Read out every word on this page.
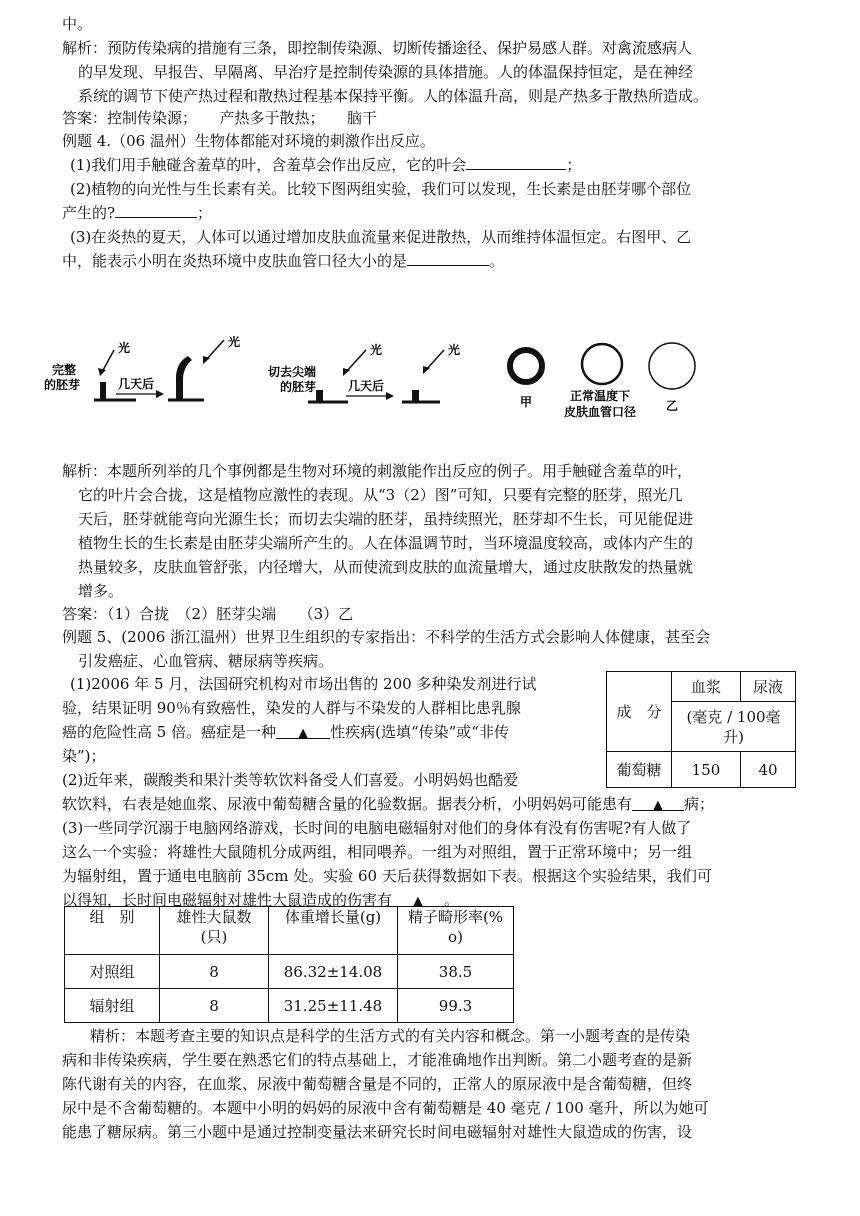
中。
解析：预防传染病的措施有三条，即控制传染源、切断传播途径、保护易感人群。对禽流感病人
的早发现、早报告、早隔离、早治疗是控制传染源的具体措施。人的体温保持恒定，是在神经
系统的调节下使产热过程和散热过程基本保持平衡。人的体温升高，则是产热多于散热所造成。
答案：控制传染源；　　产热多于散热；　　脑干
例题 4.（06 温州）生物体都能对环境的刺激作出反应。
(1)我们用手触碰含羞草的叶，含羞草会作出反应，它的叶会	；
(2)植物的向光性与生长素有关。比较下图两组实验，我们可以发现，生长素是由胚芽哪个部位
产生的?	；
(3)在炎热的夏天，人体可以通过增加皮肤血流量来促进散热，从而维持体温恒定。右图甲、乙
中，能表示小明在炎热环境中皮肤血管口径大小的是	。
完整
的胚芽
光
几天后
光
切去尖端
的胚芽
光
几天后
光
甲	正常温度下
皮肤血管口径 乙
解析：本题所列举的几个事例都是生物对环境的刺激能作出反应的例子。用手触碰含羞草的叶，
它的叶片会合拢，这是植物应激性的表现。从“3（2）图”可知，只要有完整的胚芽，照光几
天后，胚芽就能弯向光源生长；而切去尖端的胚芽，虽持续照光，胚芽却不生长，可见能促进
植物生长的生长素是由胚芽尖端所产生的。人在体温调节时，当环境温度较高，或体内产生的
热量较多，皮肤血管舒张，内径增大，从而使流到皮肤的血流量增大，通过皮肤散发的热量就
增多。
答案：（1）合拢　（2）胚芽尖端　　（3）乙
例题 5、(2006 浙江温州）世界卫生组织的专家指出：不科学的生活方式会影响人体健康，甚至会
引发癌症、心血管病、糖尿病等疾病。
(1)2006 年 5 月，法国研究机构对市场出售的 200 多种染发剂进行试
验，结果证明 90％有致癌性，染发的人群与不染发的人群相比患乳腺
癌的危险性高 5 倍。癌症是一种 ▲ 性疾病(选填“传染”或“非传
染”)；
(2)近年来，碳酸类和果汁类等软饮料备受人们喜爱。小明妈妈也酷爱
软饮料，右表是她血浆、尿液中葡萄糖含量的化验数据。据表分析，小明妈妈可能患有 ▲ 病；
(3)一些同学沉溺于电脑网络游戏，长时间的电脑电磁辐射对他们的身体有没有伤害呢?有人做了
这么一个实验：将雄性大鼠随机分成两组，相同喂养。一组为对照组，置于正常环境中；另一组
为辐射组，置于通电电脑前 35cm 处。实验 60 天后获得数据如下表。根据这个实验结果，我们可
以得知，长时间电磁辐射对雄性大鼠造成的伤害有 ▲ 。
成　分	血浆	尿液
	(毫克 / 100毫
升)	
葡萄糖	150	40
组　别	雄性大鼠数(只)	体重增长量(g)	精子畸形率(%
o)
对照组	8	86.32±14.08	38.5
辐射组	8	31.25±11.48	99.3
精析：本题考查主要的知识点是科学的生活方式的有关内容和概念。第一小题考查的是传染
病和非传染疾病，学生要在熟悉它们的特点基础上，才能准确地作出判断。第二小题考查的是新
陈代谢有关的内容，在血浆、尿液中葡萄糖含量是不同的，正常人的原尿液中是含葡萄糖，但终
尿中是不含葡萄糖的。本题中小明的妈妈的尿液中含有葡萄糖是 40 毫克 / 100 毫升，所以为她可
能患了糖尿病。第三小题中是通过控制变量法来研究长时间电磁辐射对雄性大鼠造成的伤害，设
